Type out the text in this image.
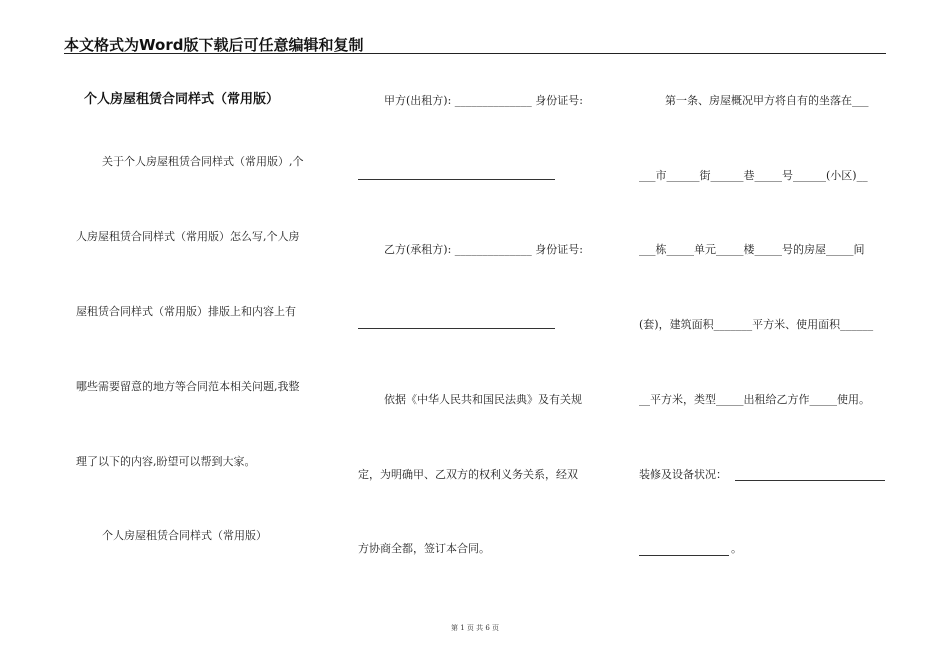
本文格式为Word版下载后可任意编辑和复制
个人房屋租赁合同样式（常用版）
关于个人房屋租赁合同样式（常用版）,个
人房屋租赁合同样式（常用版）怎么写,个人房
屋租赁合同样式（常用版）排版上和内容上有
哪些需要留意的地方等合同范本相关问题,我整
理了以下的内容,盼望可以帮到大家。
个人房屋租赁合同样式（常用版）
甲方(出租方): ______________ 身份证号:
乙方(承租方): ______________ 身份证号:
依据《中华人民共和国民法典》及有关规
定，为明确甲、乙双方的权利义务关系，经双
方协商全都，签订本合同。
第一条、房屋概况甲方将自有的坐落在___
___市______街______巷_____号______(小区)__
___栋_____单元_____楼_____号的房屋_____间
(套)，建筑面积_______平方米、使用面积______
__平方米，类型_____出租给乙方作_____使用。
装修及设备状况：
。
第 1 页 共 6 页
